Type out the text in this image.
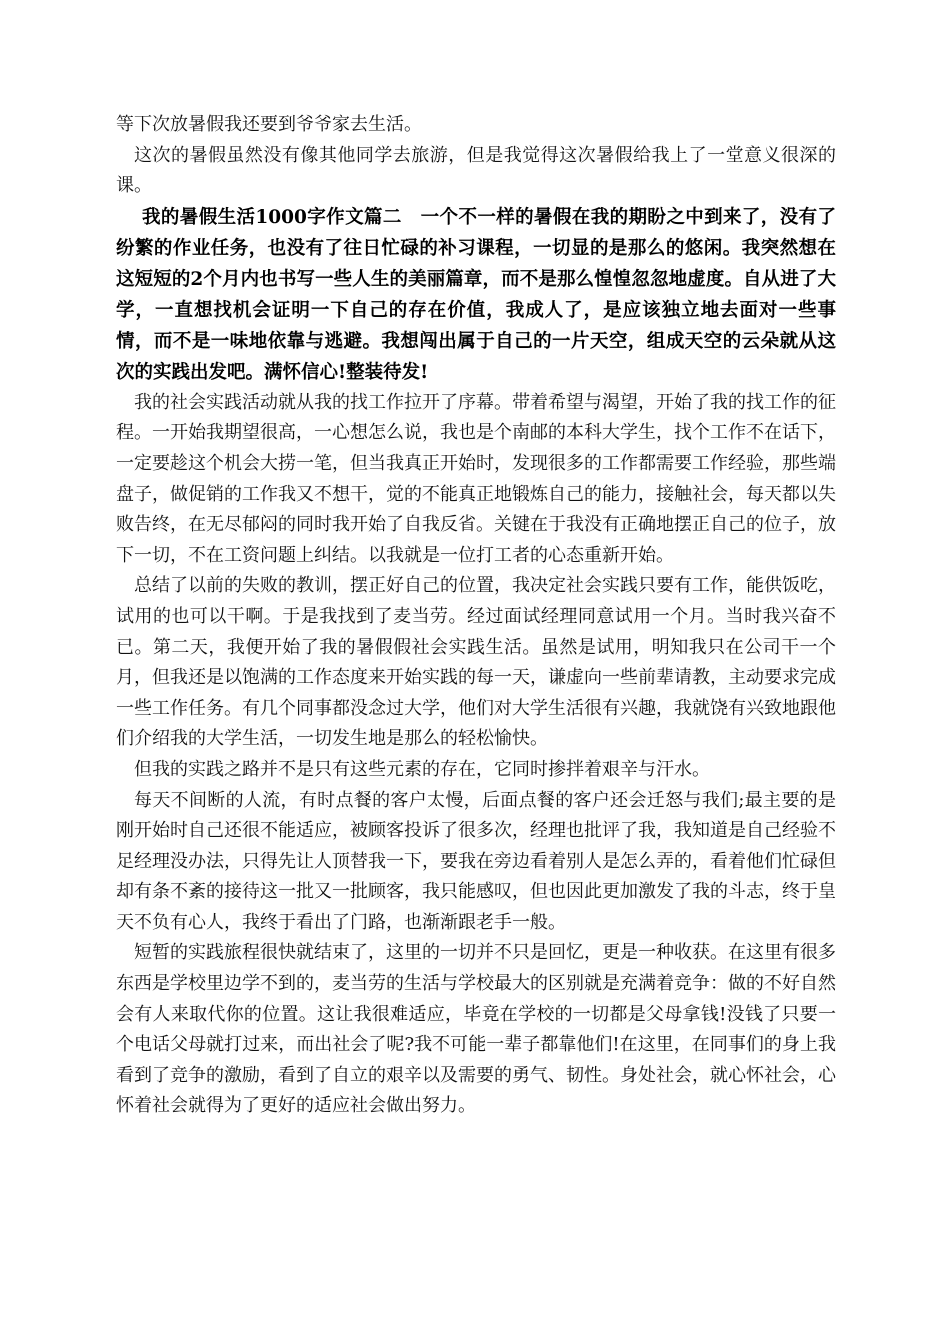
等下次放暑假我还要到爷爷家去生活。

这次的暑假虽然没有像其他同学去旅游，但是我觉得这次暑假给我上了一堂意义很深的课。

我的暑假生活1000字作文篇二　一个不一样的暑假在我的期盼之中到来了，没有了纷繁的作业任务，也没有了往日忙碌的补习课程，一切显的是那么的悠闲。我突然想在这短短的2个月内也书写一些人生的美丽篇章，而不是那么惶惶忽忽地虚度。自从进了大学，一直想找机会证明一下自己的存在价值，我成人了，是应该独立地去面对一些事情，而不是一味地依靠与逃避。我想闯出属于自己的一片天空，组成天空的云朵就从这次的实践出发吧。满怀信心!整装待发!

我的社会实践活动就从我的找工作拉开了序幕。带着希望与渴望，开始了我的找工作的征程。一开始我期望很高，一心想怎么说，我也是个南邮的本科大学生，找个工作不在话下，一定要趁这个机会大捞一笔，但当我真正开始时，发现很多的工作都需要工作经验，那些端盘子，做促销的工作我又不想干，觉的不能真正地锻炼自己的能力，接触社会，每天都以失败告终，在无尽郁闷的同时我开始了自我反省。关键在于我没有正确地摆正自己的位子，放下一切，不在工资问题上纠结。以我就是一位打工者的心态重新开始。

总结了以前的失败的教训，摆正好自己的位置，我决定社会实践只要有工作，能供饭吃，试用的也可以干啊。于是我找到了麦当劳。经过面试经理同意试用一个月。当时我兴奋不已。第二天，我便开始了我的暑假假社会实践生活。虽然是试用，明知我只在公司干一个月，但我还是以饱满的工作态度来开始实践的每一天，谦虚向一些前辈请教，主动要求完成一些工作任务。有几个同事都没念过大学，他们对大学生活很有兴趣，我就饶有兴致地跟他们介绍我的大学生活，一切发生地是那么的轻松愉快。

但我的实践之路并不是只有这些元素的存在，它同时掺拌着艰辛与汗水。

每天不间断的人流，有时点餐的客户太慢，后面点餐的客户还会迁怒与我们;最主要的是刚开始时自己还很不能适应，被顾客投诉了很多次，经理也批评了我，我知道是自己经验不足经理没办法，只得先让人顶替我一下，要我在旁边看着别人是怎么弄的，看着他们忙碌但却有条不紊的接待这一批又一批顾客，我只能感叹，但也因此更加激发了我的斗志，终于皇天不负有心人，我终于看出了门路，也渐渐跟老手一般。

短暂的实践旅程很快就结束了，这里的一切并不只是回忆，更是一种收获。在这里有很多东西是学校里边学不到的，麦当劳的生活与学校最大的区别就是充满着竞争：做的不好自然会有人来取代你的位置。这让我很难适应，毕竟在学校的一切都是父母拿钱!没钱了只要一个电话父母就打过来，而出社会了呢?我不可能一辈子都靠他们!在这里，在同事们的身上我看到了竞争的激励，看到了自立的艰辛以及需要的勇气、韧性。身处社会，就心怀社会，心怀着社会就得为了更好的适应社会做出努力。
